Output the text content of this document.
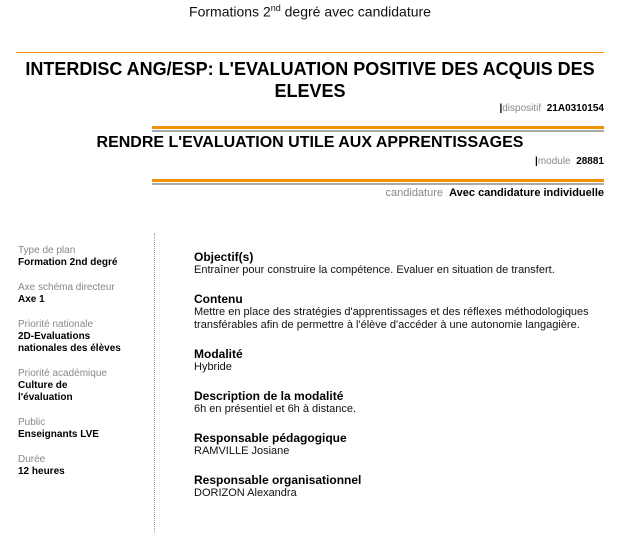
Formations 2nd degré avec candidature
INTERDISC ANG/ESP: L'EVALUATION POSITIVE DES ACQUIS DES
ELEVES
|dispositif 21A0310154
RENDRE L'EVALUATION UTILE AUX APPRENTISSAGES
|module 28881
candidature Avec candidature individuelle
Type de plan
Formation 2nd degré
Axe schéma directeur
Axe 1
Priorité nationale
2D-Evaluations
nationales des élèves
Priorité académique
Culture de
l'évaluation
Public
Enseignants LVE
Durée
12 heures
Objectif(s)
Entraîner pour construire la compétence. Evaluer en situation de transfert.
Contenu
Mettre en place des stratégies d'apprentissages et des réflexes méthodologiques
transférables afin de permettre à l'élève d'accéder à une autonomie langagière.
Modalité
Hybride
Description de la modalité
6h en présentiel et 6h à distance.
Responsable pédagogique
RAMVILLE Josiane
Responsable organisationnel
DORIZON Alexandra
